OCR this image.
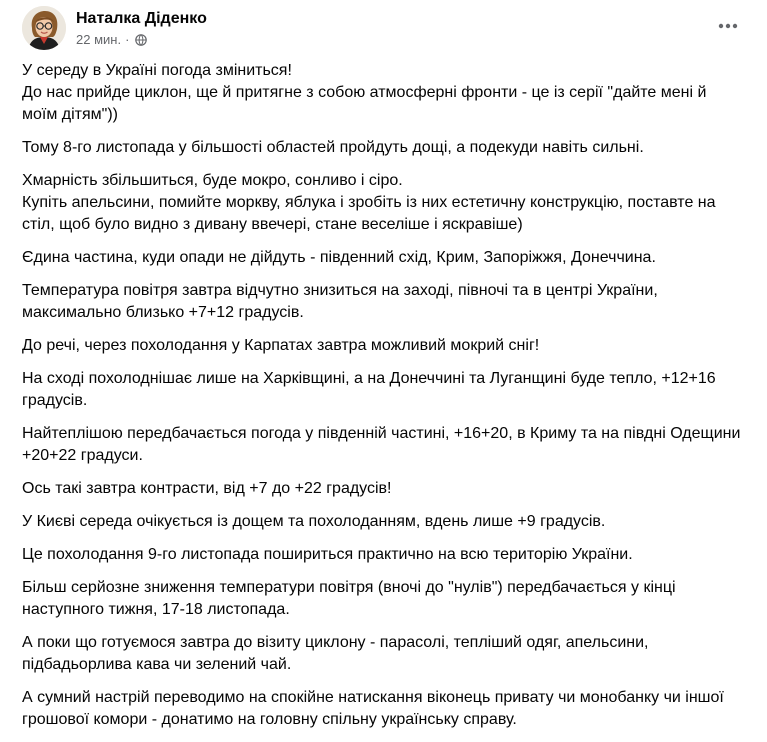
Наталка Діденко
22 мин. ·

У середу в Україні погода зміниться!
До нас прийде циклон, ще й притягне з собою атмосферні фронти - це із серії "дайте мені й моїм дітям"))

Тому 8-го листопада у більшості областей пройдуть дощі, а подекуди навіть сильні.

Хмарність збільшиться, буде мокро, сонливо і сіро.
Купіть апельсини, помийте моркву, яблука і зробіть із них естетичну конструкцію, поставте на стіл, щоб було видно з дивану ввечері, стане веселіше і яскравіше)

Єдина частина, куди опади не дійдуть - південний схід, Крим, Запоріжжя, Донеччина.

Температура повітря завтра відчутно знизиться на заході, півночі та в центрі України, максимально близько +7+12 градусів.

До речі, через похолодання у Карпатах завтра можливий мокрий сніг!

На сході похолоднішає лише на Харківщині, а на Донеччині та Луганщині буде тепло, +12+16 градусів.

Найтеплішою передбачається погода у південній частині, +16+20, в Криму та на півдні Одещини +20+22 градуси.

Ось такі завтра контрасти, від +7 до +22 градусів!

У Києві середа очікується із дощем та похолоданням, вдень лише +9 градусів.

Це похолодання 9-го листопада пошириться практично на всю територію України.

Більш серйозне зниження температури повітря (вночі до "нулів") передбачається у кінці наступного тижня, 17-18 листопада.

А поки що готуємося завтра до візиту циклону - парасолі, тепліший одяг, апельсини, підбадьорлива кава чи зелений чай.

А сумний настрій переводимо на спокійне натискання віконець привату чи монобанку чи іншої грошової комори - донатимо на головну спільну українську справу.
